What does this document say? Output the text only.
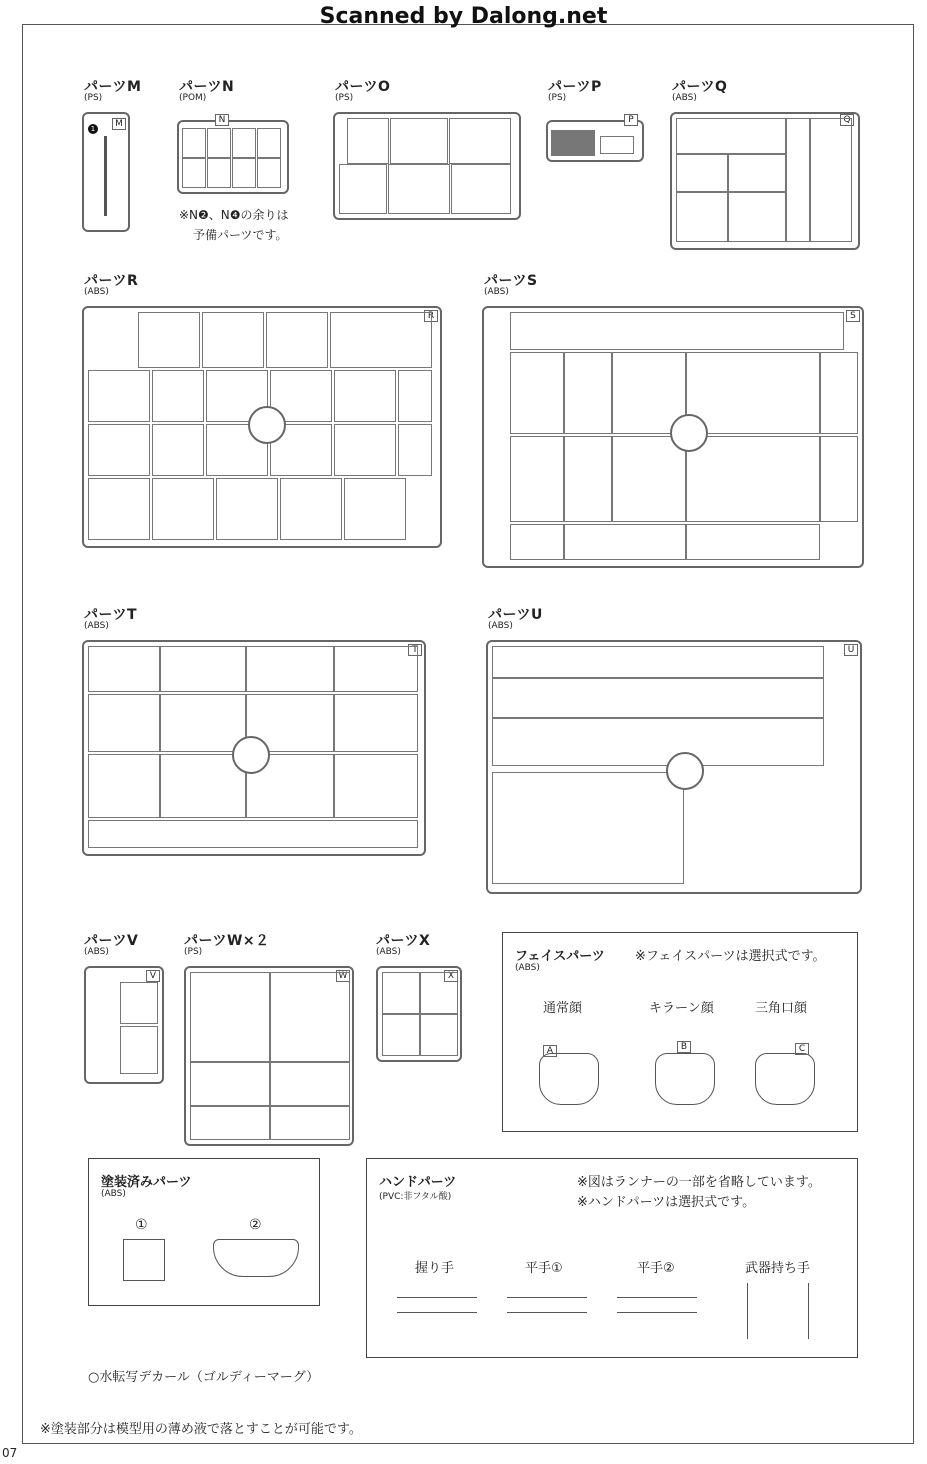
Scanned by Dalong.net
パーツM
(PS)
M
1
パーツN
(POM)
N
※N❷、N❹の余りは
予備パーツです。
パーツO
(PS)
パーツP
(PS)
P
パーツQ
(ABS)
Q
パーツR
(ABS)
R
パーツS
(ABS)
S
パーツT
(ABS)
T
パーツU
(ABS)
U
パーツV
(ABS)
V
パーツW×２
(PS)
W
パーツX
(ABS)
X
フェイスパーツ
(ABS)
※フェイスパーツは選択式です。
通常顔	キラーン顔	三角口顔
A	B	C
塗装済みパーツ
(ABS)
①	②
ハンドパーツ
(PVC:非フタル酸)
※図はランナーの一部を省略しています。
※ハンドパーツは選択式です。
握り手	平手①	平手②	武器持ち手
○水転写デカール（ゴルディーマーグ）
※塗装部分は模型用の薄め液で落とすことが可能です。
07
